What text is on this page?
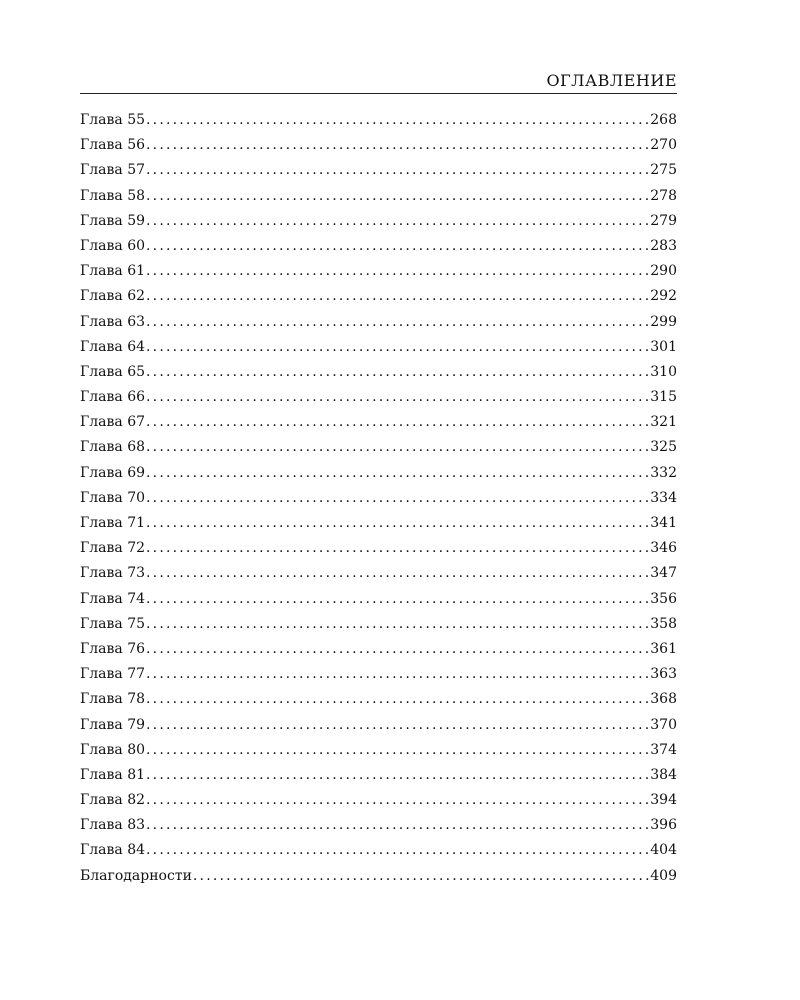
ОГЛАВЛЕНИЕ
Глава 55 .....	268
Глава 56 .....	270
Глава 57 .....	275
Глава 58 .....	278
Глава 59 .....	279
Глава 60 .....	283
Глава 61 .....	290
Глава 62 .....	292
Глава 63 .....	299
Глава 64 .....	301
Глава 65 .....	310
Глава 66 .....	315
Глава 67 .....	321
Глава 68 .....	325
Глава 69 .....	332
Глава 70 .....	334
Глава 71 .....	341
Глава 72 .....	346
Глава 73 .....	347
Глава 74 .....	356
Глава 75 .....	358
Глава 76 .....	361
Глава 77 .....	363
Глава 78 .....	368
Глава 79 .....	370
Глава 80 .....	374
Глава 81 .....	384
Глава 82 .....	394
Глава 83 .....	396
Глава 84 .....	404
Благодарности .....	409
